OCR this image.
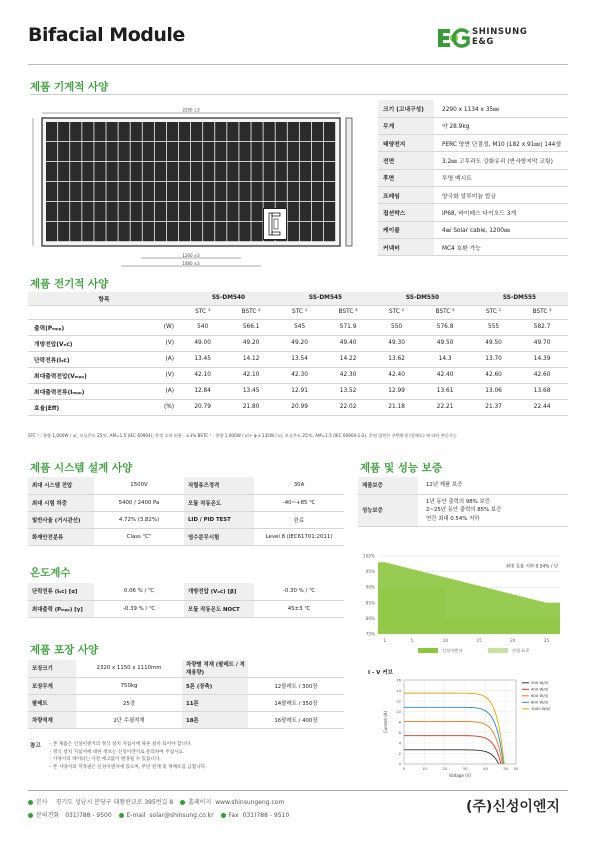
Bifacial Module	SHINSUNG
E&G
제품 기계적 사양
2290 ±3
1260 ±3
1480 ±3
크기 (고내구성)	2290 x 1134 x 35㎜
무게	약 28.9kg
태양전지	PERC 양면 단결정, M10 (182 x 91㎜) 144셀
전면	3.2㎜ 고투과도 강화유리 (반사방지막 코팅)
후면	투명 백시트
프레임	양극화 알루미늄 합금
접션박스	IP68, 바이패스 다이오드 3개
케이블	4㎟ Solar cable, 1200㎜
커넥터	MC4 호환 가능
제품 전기적 사양
항목		SS-DM540		SS-DM545		SS-DM550		SS-DM555	
		STC ¹	BSTC ²	STC ¹	BSTC ²	STC ¹	BSTC ²	STC ¹	BSTC ²
출력(Pₘₚₚ)	(W)	540	566.1	545	571.9	550	576.8	555	582.7
개방전압(Vₒc)	(V)	49.00	49.20	49.20	49.40	49.30	49.50	49.50	49.70
단락전류(Iₛc)	(A)	13.45	14.12	13.54	14.22	13.62	14.3	13.70	14.39
최대출력전압(Vₘₚₚ)	(V)	42.10	42.10	42.30	42.30	42.40	42.40	42.60	42.60
최대출력전류(Iₘₚₚ)	(A)	12.84	13.45	12.91	13.52	12.99	13.61	13.06	13.68
효율(Eff)	(%)	20.79	21.80	20.99	22.02	21.18	22.21	21.37	22.44
STC ¹ : 광량 1,000W / ㎡, 모듈온도 25℃, AM=1.5 (IEC 60904), 측정 오차 허용 : ±3% BSTC ² : 광량 1,000W / ㎡+ φ x 135W / ㎡, 모듈온도 25℃, AM=1.5 (IEC 60904-1-2), 후면 발전은 주변환경 (알베도) 에 따라 변동가능
제품 시스템 설계 사양
최대 시스템 전압	1500V	직렬퓨즈정격	30A
최대 시험 하중	5400 / 2400 Pa	모듈 작동온도	-40~+85 ℃
빛반사율 (거시관선)	4.72% (3.82%)	LID / PID TEST	완료
화재안전분류	Class "C"	염수분무시험	Level 8 (IEC61701:2011)
온도계수
단락전류 (Iₛc) [α]	0.06 % / ℃	개방전압 (Vₒc) [β]	-0.30 % / ℃
최대출력 (Pₘₚₚ) [γ]	-0.39 % / ℃	모듈 작동온도 NOCT	45±3 ℃
제품 포장 사양
포장크기	2320 x 1150 x 1110mm	차량별 적재 (팔레트 / 적재용량)	
포장무게	750kg	5톤 (장축)	12팔레트 / 300장
팔레트	25장	11톤	14팔레트 / 350장
차량적재	2단 수평적재	18톤	16팔레트 / 400장
참고 · 본 제품은 신성이엔지의 정식 설치 지침서에 따른 설치 되어야 합니다.
· 정식 설치 지침서에 대한 정보는 신성이엔지로 문의하여 주십시요.
· 사양서의 데이터는 사전 예고없이 변경될 수 있습니다.
· 본 사양서의 저작권은 신성이엔지에 있으며, 무단 전재 및 재배포를 금합니다.
제품 및 성능 보증
제품보증	12년 제품 보증

성능보증	1년 동안 출력의 98% 보증
2~25년 동안 출력의 85% 보증
연간 최대 0.54% 저하
100%
95%
90%
85%
80%
75%
1	5	10	15	20	25
최대 효율 저하 0.54% / 년
신성이엔지	산업 표준
I - V 커브
0
2
4
6
8
10
12
14
16
0	10	20	30	40	50 55
Voltage (V)
Current (A)
200 W/㎡
400 W/㎡
600 W/㎡
800 W/㎡
1000 W/㎡
본사 경기도 성남시 분당구 대왕판교로 395번길 8 홈페이지 www.shinsungeng.com
문의전화 031)788 - 9500 E-mail solar@shinsung.co.kr Fax 031)788 - 9510
(주)신성이엔지
